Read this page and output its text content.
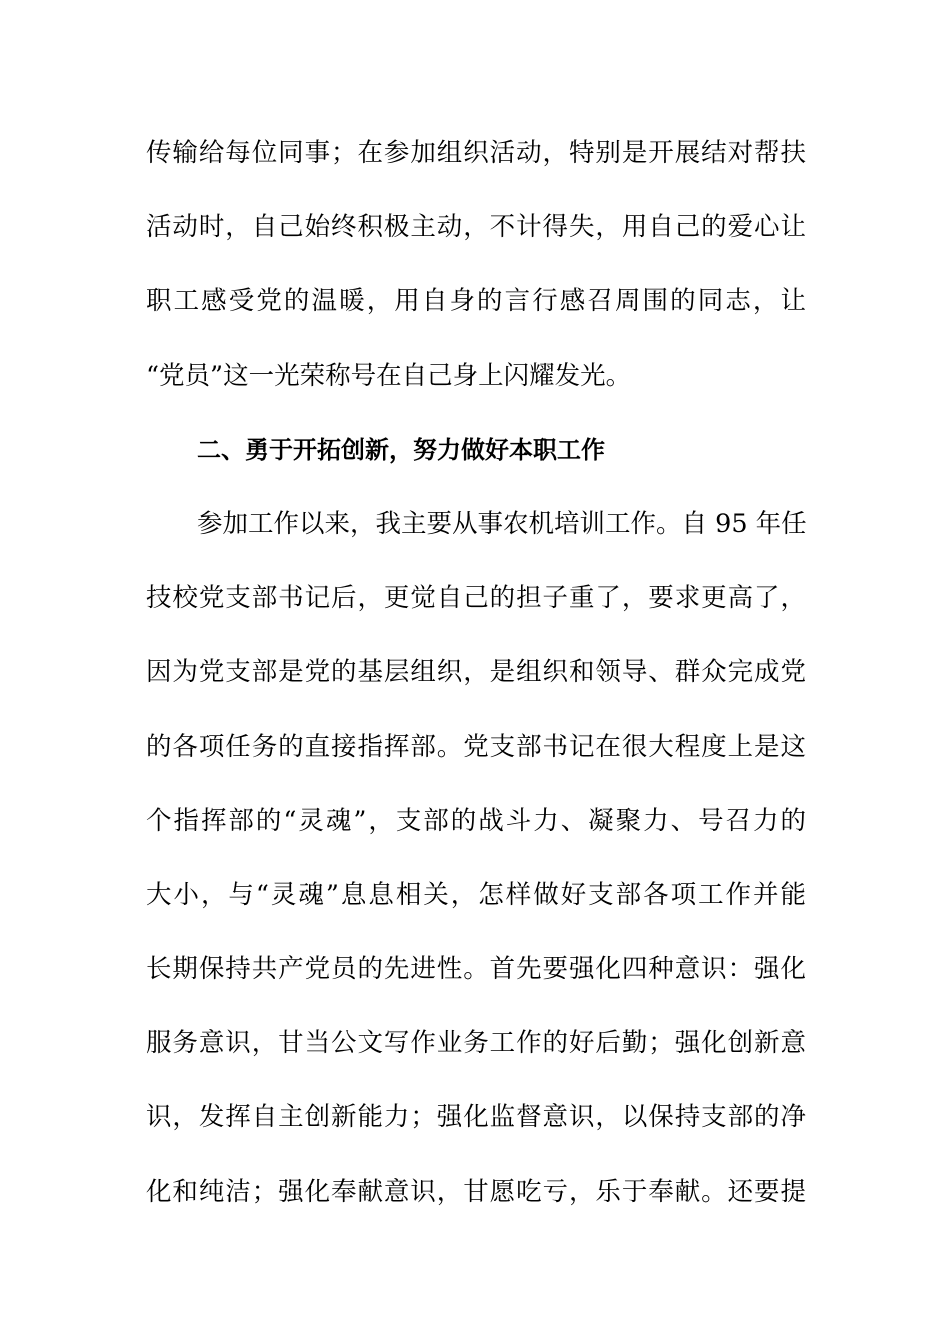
传输给每位同事；在参加组织活动，特别是开展结对帮扶
活动时，自己始终积极主动，不计得失，用自己的爱心让
职工感受党的温暖，用自身的言行感召周围的同志，让
“党员”这一光荣称号在自己身上闪耀发光。
二、勇于开拓创新，努力做好本职工作
参加工作以来，我主要从事农机培训工作。自 95 年任
技校党支部书记后，更觉自己的担子重了，要求更高了，
因为党支部是党的基层组织，是组织和领导、群众完成党
的各项任务的直接指挥部。党支部书记在很大程度上是这
个指挥部的“灵魂”，支部的战斗力、凝聚力、号召力的
大小，与“灵魂”息息相关，怎样做好支部各项工作并能
长期保持共产党员的先进性。首先要强化四种意识：强化
服务意识，甘当公文写作业务工作的好后勤；强化创新意
识，发挥自主创新能力；强化监督意识，以保持支部的净
化和纯洁；强化奉献意识，甘愿吃亏，乐于奉献。还要提
